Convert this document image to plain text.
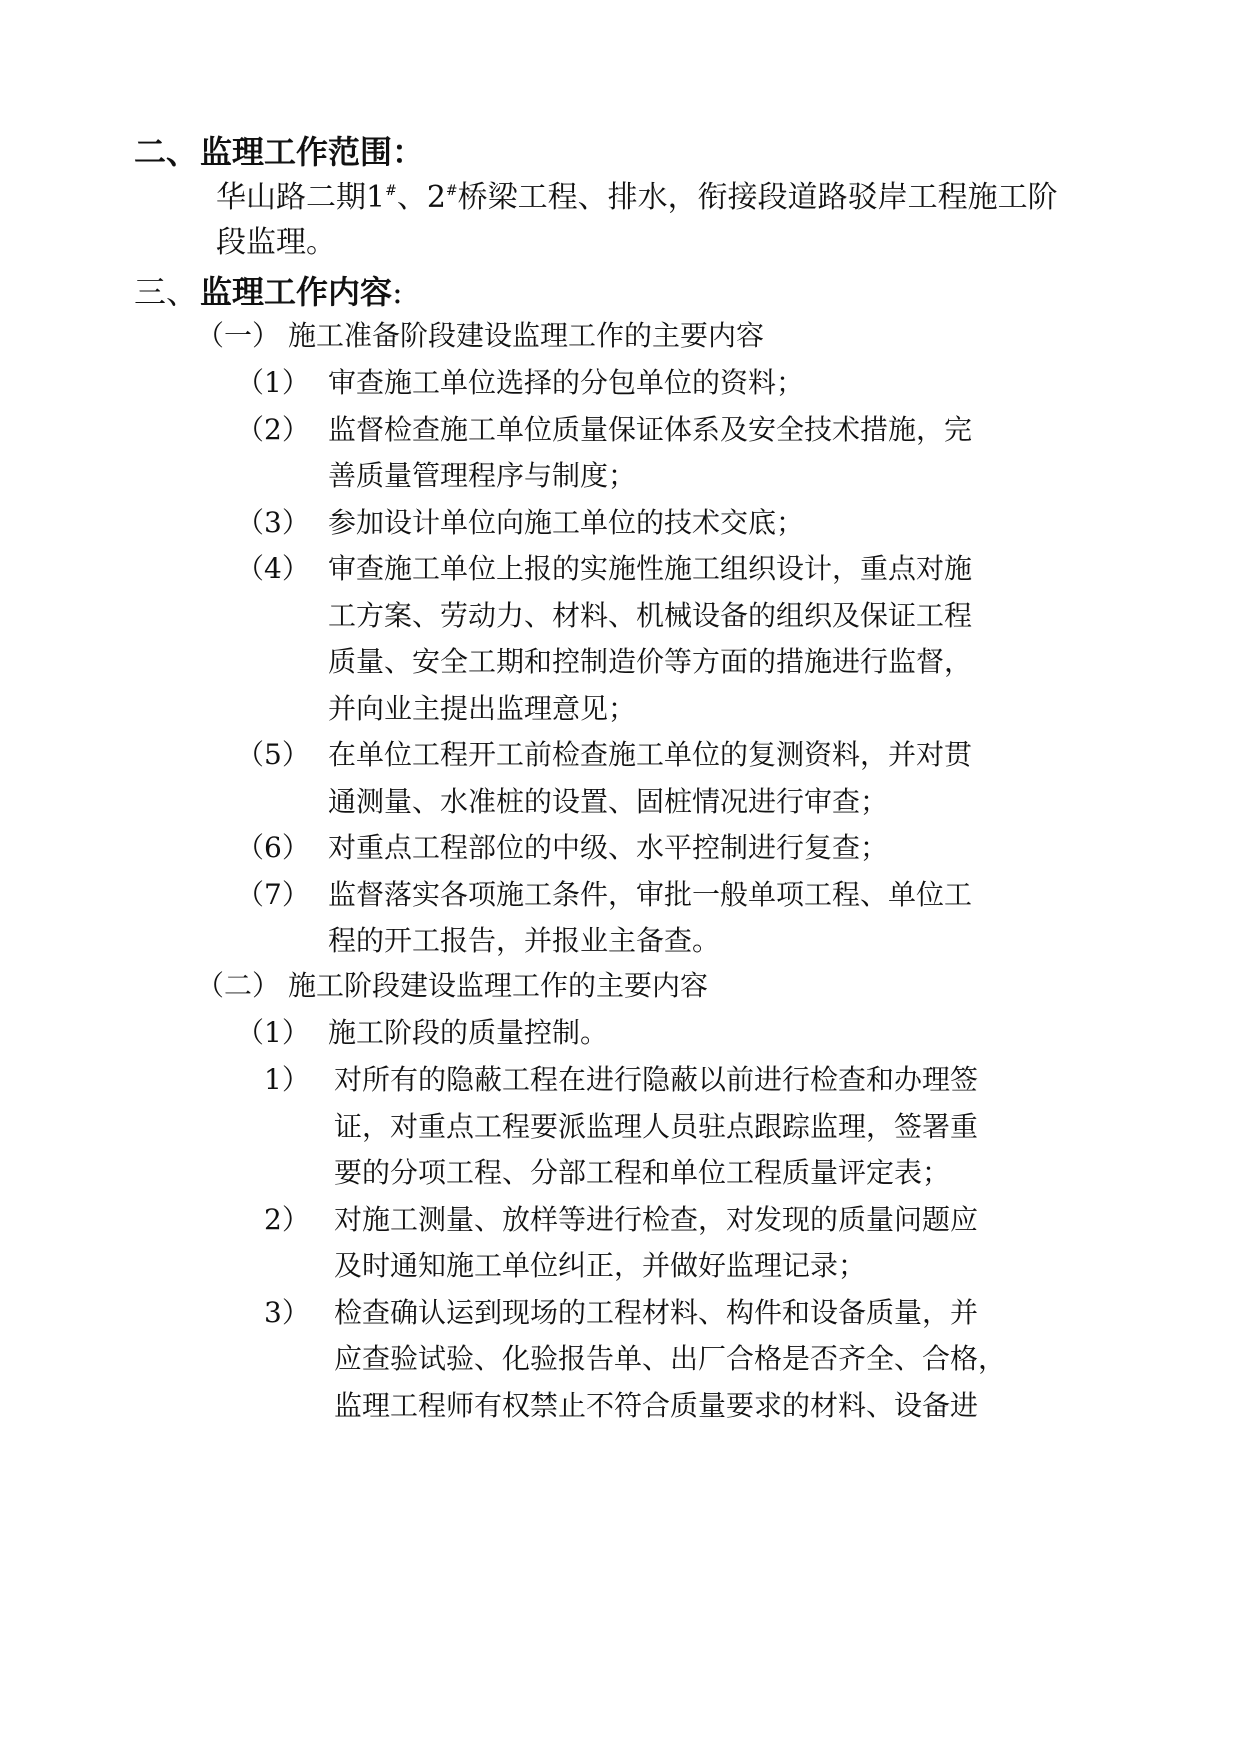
二、 监理工作范围：
华山路二期1#、2#桥梁工程、排水，衔接段道路驳岸工程施工阶
段监理。
三、 监理工作内容:
（一） 施工准备阶段建设监理工作的主要内容
（1） 审查施工单位选择的分包单位的资料；
（2） 监督检查施工单位质量保证体系及安全技术措施，完
善质量管理程序与制度；
（3） 参加设计单位向施工单位的技术交底；
（4） 审查施工单位上报的实施性施工组织设计，重点对施
工方案、劳动力、材料、机械设备的组织及保证工程
质量、安全工期和控制造价等方面的措施进行监督，
并向业主提出监理意见；
（5） 在单位工程开工前检查施工单位的复测资料，并对贯
通测量、水准桩的设置、固桩情况进行审查；
（6） 对重点工程部位的中级、水平控制进行复查；
（7） 监督落实各项施工条件，审批一般单项工程、单位工
程的开工报告，并报业主备查。
（二） 施工阶段建设监理工作的主要内容
（1） 施工阶段的质量控制。
1） 对所有的隐蔽工程在进行隐蔽以前进行检查和办理签
证，对重点工程要派监理人员驻点跟踪监理，签署重
要的分项工程、分部工程和单位工程质量评定表；
2） 对施工测量、放样等进行检查，对发现的质量问题应
及时通知施工单位纠正，并做好监理记录；
3） 检查确认运到现场的工程材料、构件和设备质量，并
应查验试验、化验报告单、出厂合格是否齐全、合格，
监理工程师有权禁止不符合质量要求的材料、设备进
